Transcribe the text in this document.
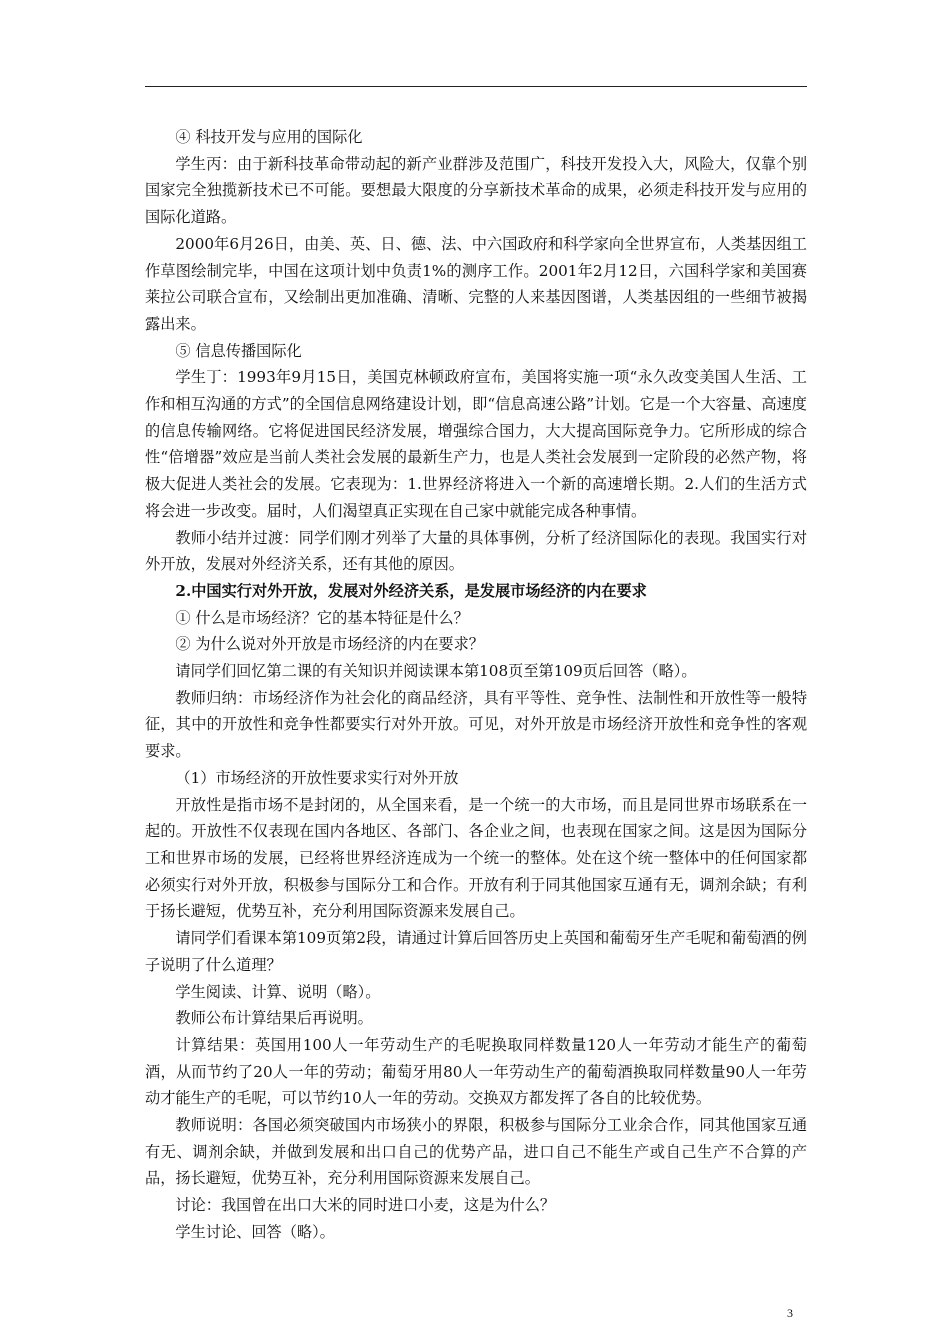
④ 科技开发与应用的国际化

学生丙：由于新科技革命带动起的新产业群涉及范围广，科技开发投入大，风险大，仅靠个别国家完全独揽新技术已不可能。要想最大限度的分享新技术革命的成果，必须走科技开发与应用的国际化道路。

2000年6月26日，由美、英、日、德、法、中六国政府和科学家向全世界宣布，人类基因组工作草图绘制完毕，中国在这项计划中负责1%的测序工作。2001年2月12日，六国科学家和美国赛莱拉公司联合宣布，又绘制出更加准确、清晰、完整的人来基因图谱，人类基因组的一些细节被揭露出来。

⑤ 信息传播国际化

学生丁：1993年9月15日，美国克林顿政府宣布，美国将实施一项“永久改变美国人生活、工作和相互沟通的方式”的全国信息网络建设计划，即“信息高速公路”计划。它是一个大容量、高速度的信息传输网络。它将促进国民经济发展，增强综合国力，大大提高国际竞争力。它所形成的综合性“倍增器”效应是当前人类社会发展的最新生产力，也是人类社会发展到一定阶段的必然产物，将极大促进人类社会的发展。它表现为：1.世界经济将进入一个新的高速增长期。2.人们的生活方式将会进一步改变。届时，人们渴望真正实现在自己家中就能完成各种事情。

教师小结并过渡：同学们刚才列举了大量的具体事例，分析了经济国际化的表现。我国实行对外开放，发展对外经济关系，还有其他的原因。

2.中国实行对外开放，发展对外经济关系，是发展市场经济的内在要求

① 什么是市场经济？它的基本特征是什么？

② 为什么说对外开放是市场经济的内在要求？

请同学们回忆第二课的有关知识并阅读课本第108页至第109页后回答（略）。

教师归纳：市场经济作为社会化的商品经济，具有平等性、竞争性、法制性和开放性等一般特征，其中的开放性和竞争性都要实行对外开放。可见，对外开放是市场经济开放性和竞争性的客观要求。

（1）市场经济的开放性要求实行对外开放

开放性是指市场不是封闭的，从全国来看，是一个统一的大市场，而且是同世界市场联系在一起的。开放性不仅表现在国内各地区、各部门、各企业之间，也表现在国家之间。这是因为国际分工和世界市场的发展，已经将世界经济连成为一个统一的整体。处在这个统一整体中的任何国家都必须实行对外开放，积极参与国际分工和合作。开放有利于同其他国家互通有无，调剂余缺；有利于扬长避短，优势互补，充分利用国际资源来发展自己。

请同学们看课本第109页第2段，请通过计算后回答历史上英国和葡萄牙生产毛呢和葡萄酒的例子说明了什么道理？

学生阅读、计算、说明（略）。

教师公布计算结果后再说明。

计算结果：英国用100人一年劳动生产的毛呢换取同样数量120人一年劳动才能生产的葡萄酒，从而节约了20人一年的劳动；葡萄牙用80人一年劳动生产的葡萄酒换取同样数量90人一年劳动才能生产的毛呢，可以节约10人一年的劳动。交换双方都发挥了各自的比较优势。

教师说明：各国必须突破国内市场狭小的界限，积极参与国际分工业余合作，同其他国家互通有无、调剂余缺，并做到发展和出口自己的优势产品，进口自己不能生产或自己生产不合算的产品，扬长避短，优势互补，充分利用国际资源来发展自己。

讨论：我国曾在出口大米的同时进口小麦，这是为什么？

学生讨论、回答（略）。

3
